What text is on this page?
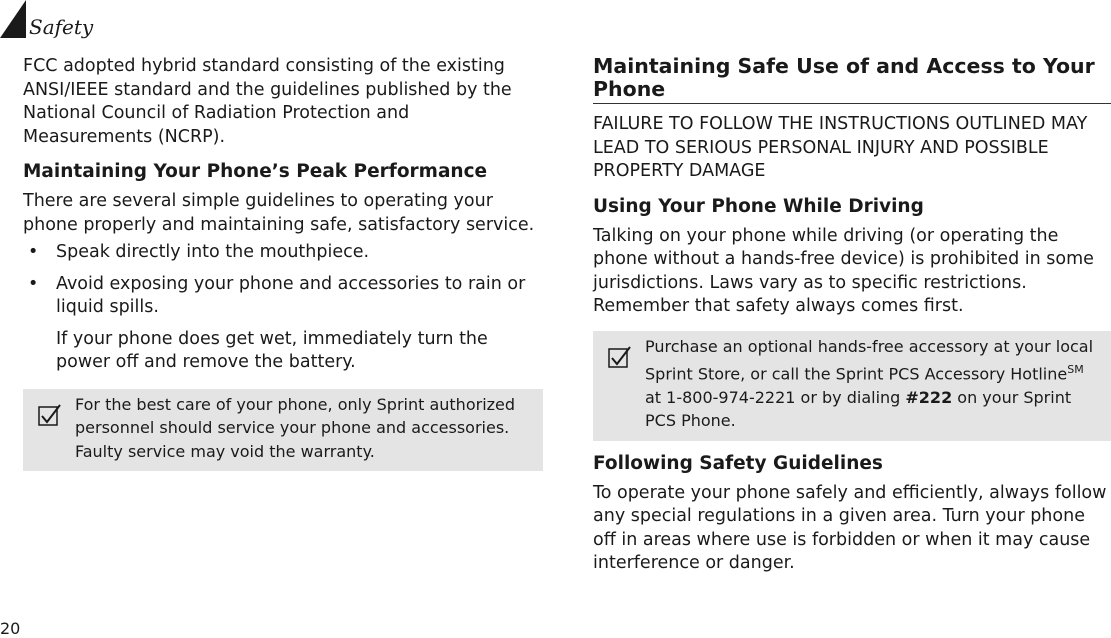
Safety

FCC adopted hybrid standard consisting of the existing ANSI/IEEE standard and the guidelines published by the National Council of Radiation Protection and Measurements (NCRP).

Maintaining Your Phone’s Peak Performance

There are several simple guidelines to operating your phone properly and maintaining safe, satisfactory service.

• Speak directly into the mouthpiece.
• Avoid exposing your phone and accessories to rain or liquid spills.

If your phone does get wet, immediately turn the power off and remove the battery.

For the best care of your phone, only Sprint authorized personnel should service your phone and accessories. Faulty service may void the warranty.

Maintaining Safe Use of and Access to Your Phone

FAILURE TO FOLLOW THE INSTRUCTIONS OUTLINED MAY LEAD TO SERIOUS PERSONAL INJURY AND POSSIBLE PROPERTY DAMAGE

Using Your Phone While Driving

Talking on your phone while driving (or operating the phone without a hands-free device) is prohibited in some jurisdictions. Laws vary as to specific restrictions. Remember that safety always comes first.

Purchase an optional hands-free accessory at your local Sprint Store, or call the Sprint PCS Accessory Hotline℠ at 1-800-974-2221 or by dialing #222 on your Sprint PCS Phone.

Following Safety Guidelines

To operate your phone safely and efficiently, always follow any special regulations in a given area. Turn your phone off in areas where use is forbidden or when it may cause interference or danger.

20
